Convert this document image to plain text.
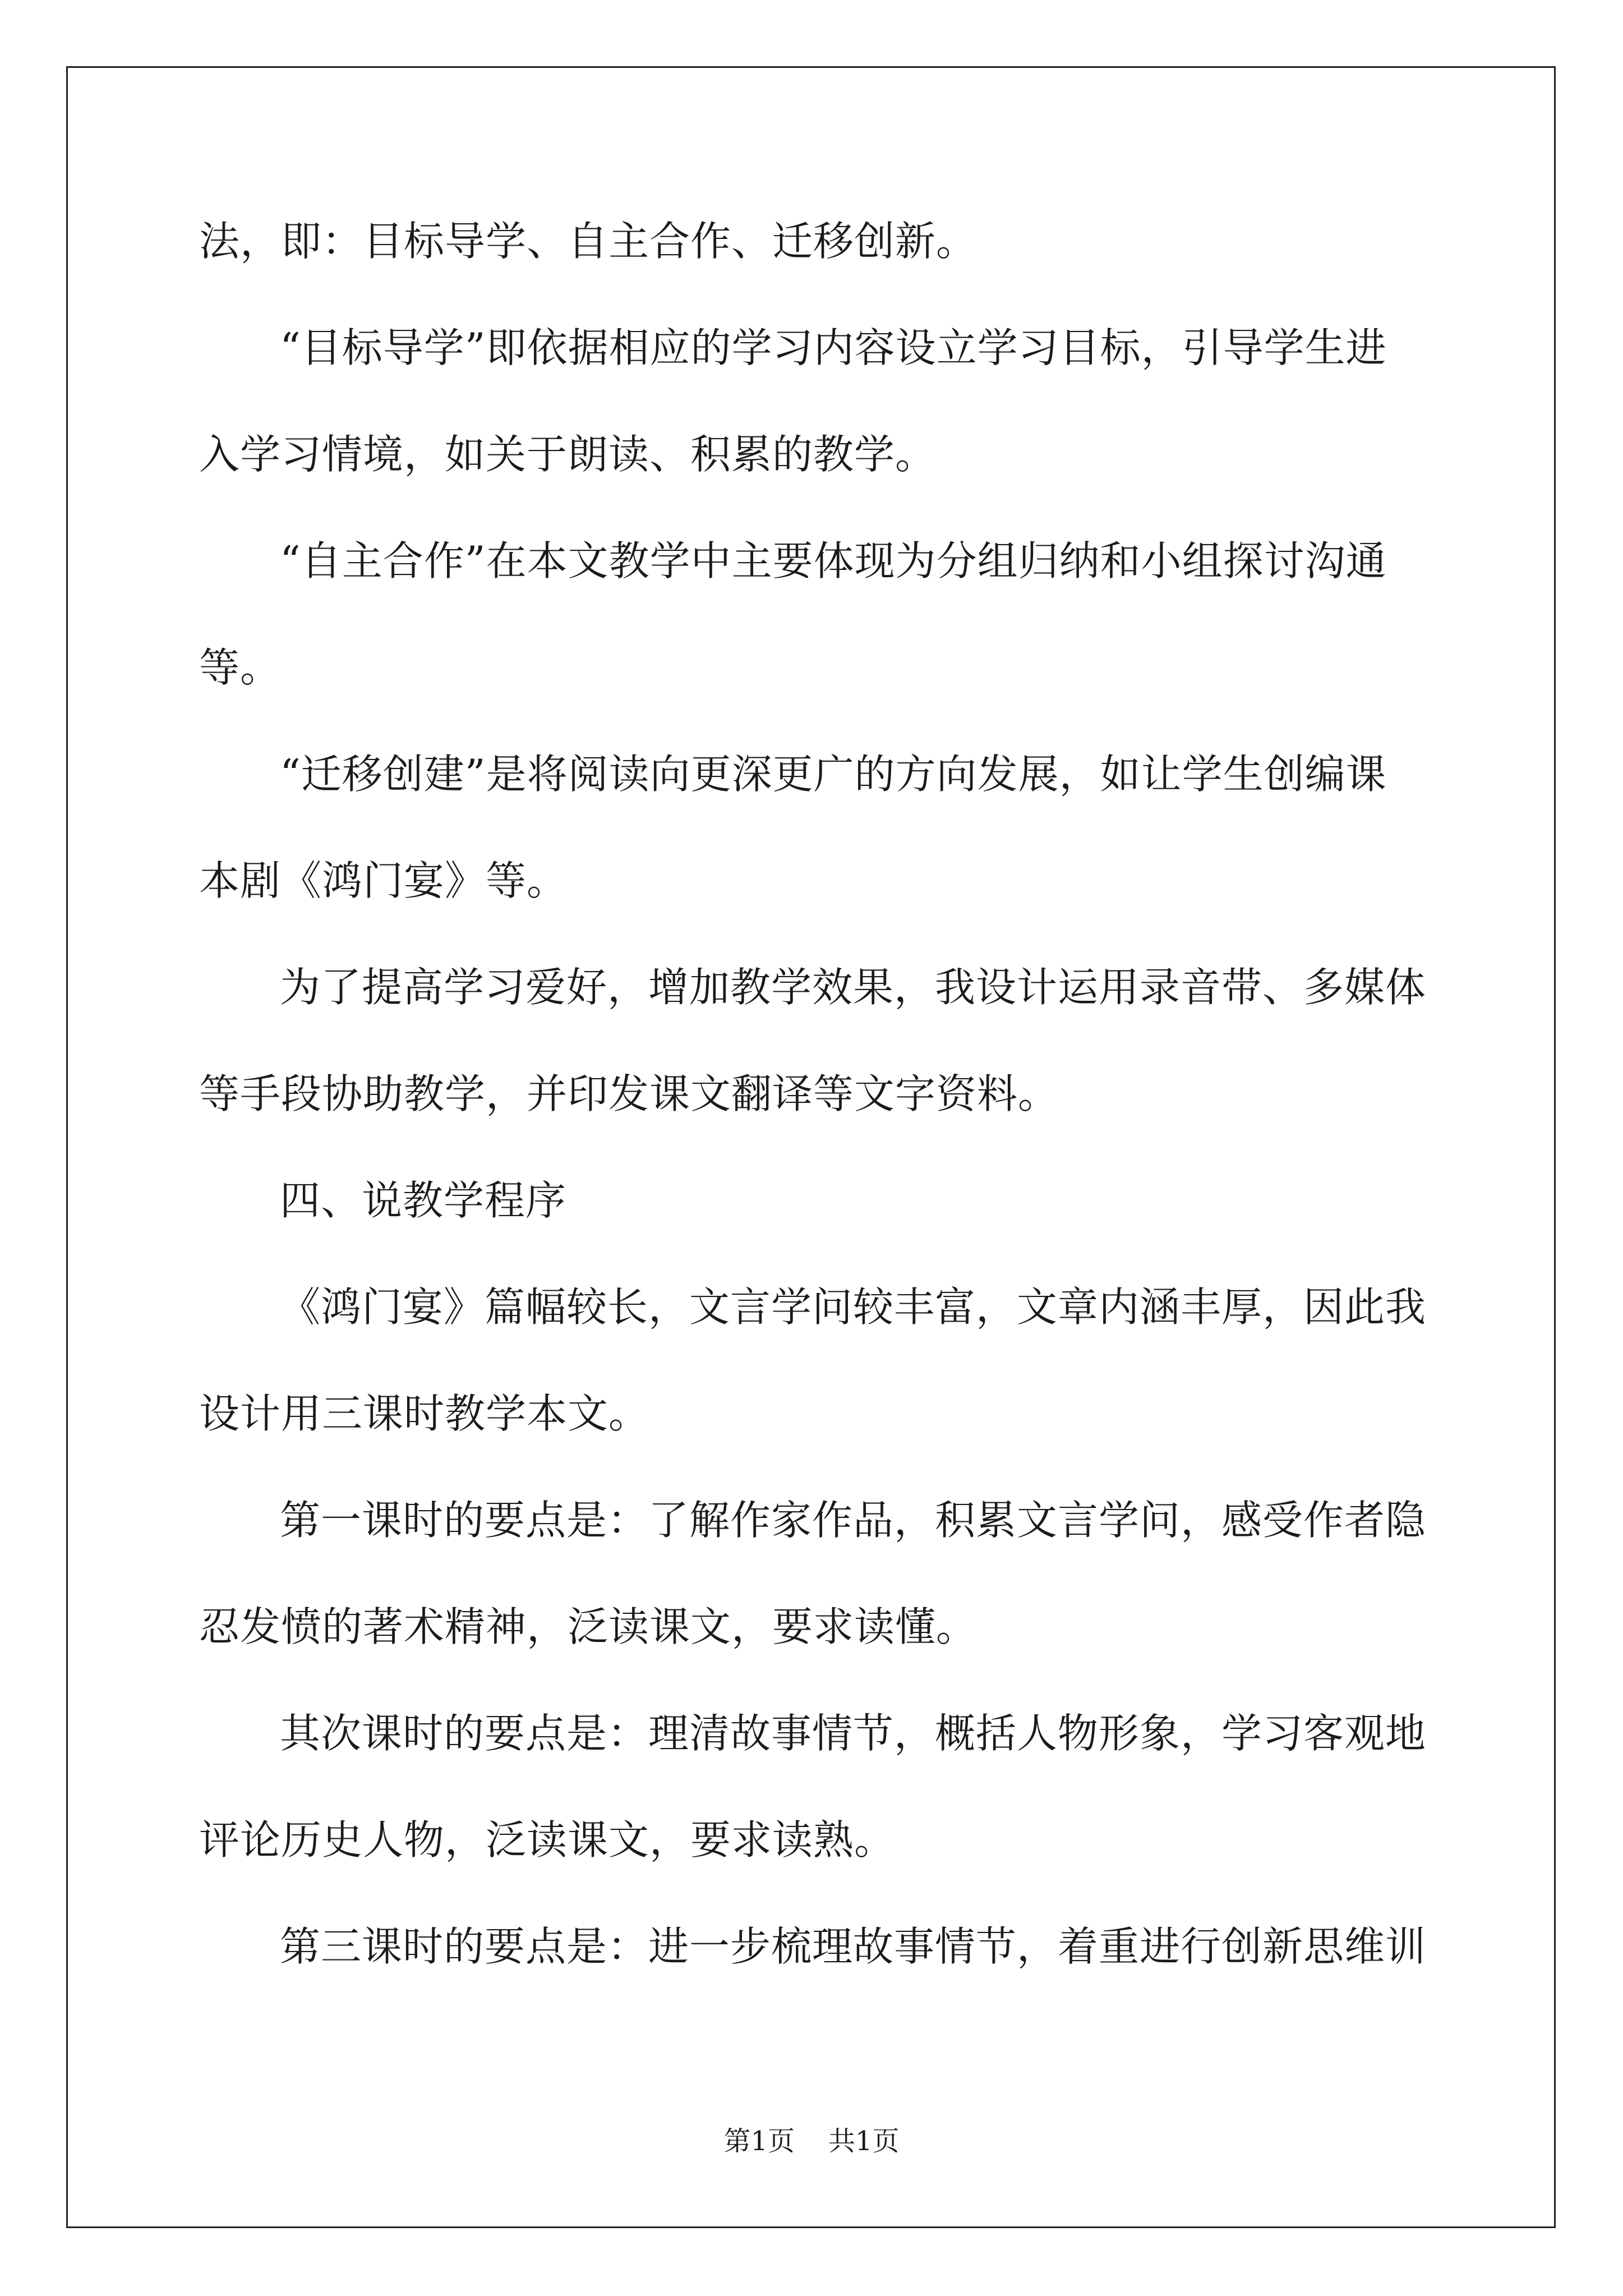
法，即：目标导学、自主合作、迁移创新。
“目标导学”即依据相应的学习内容设立学习目标，引导学生进
入学习情境，如关于朗读、积累的教学。
“自主合作”在本文教学中主要体现为分组归纳和小组探讨沟通
等。
“迁移创建”是将阅读向更深更广的方向发展，如让学生创编课
本剧《鸿门宴》等。
为了提高学习爱好，增加教学效果，我设计运用录音带、多媒体
等手段协助教学，并印发课文翻译等文字资料。
四、说教学程序
《鸿门宴》篇幅较长，文言学问较丰富，文章内涵丰厚，因此我
设计用三课时教学本文。
第一课时的要点是：了解作家作品，积累文言学问，感受作者隐
忍发愤的著术精神，泛读课文，要求读懂。
其次课时的要点是：理清故事情节，概括人物形象，学习客观地
评论历史人物，泛读课文，要求读熟。
第三课时的要点是：进一步梳理故事情节，着重进行创新思维训
第1页 共1页
